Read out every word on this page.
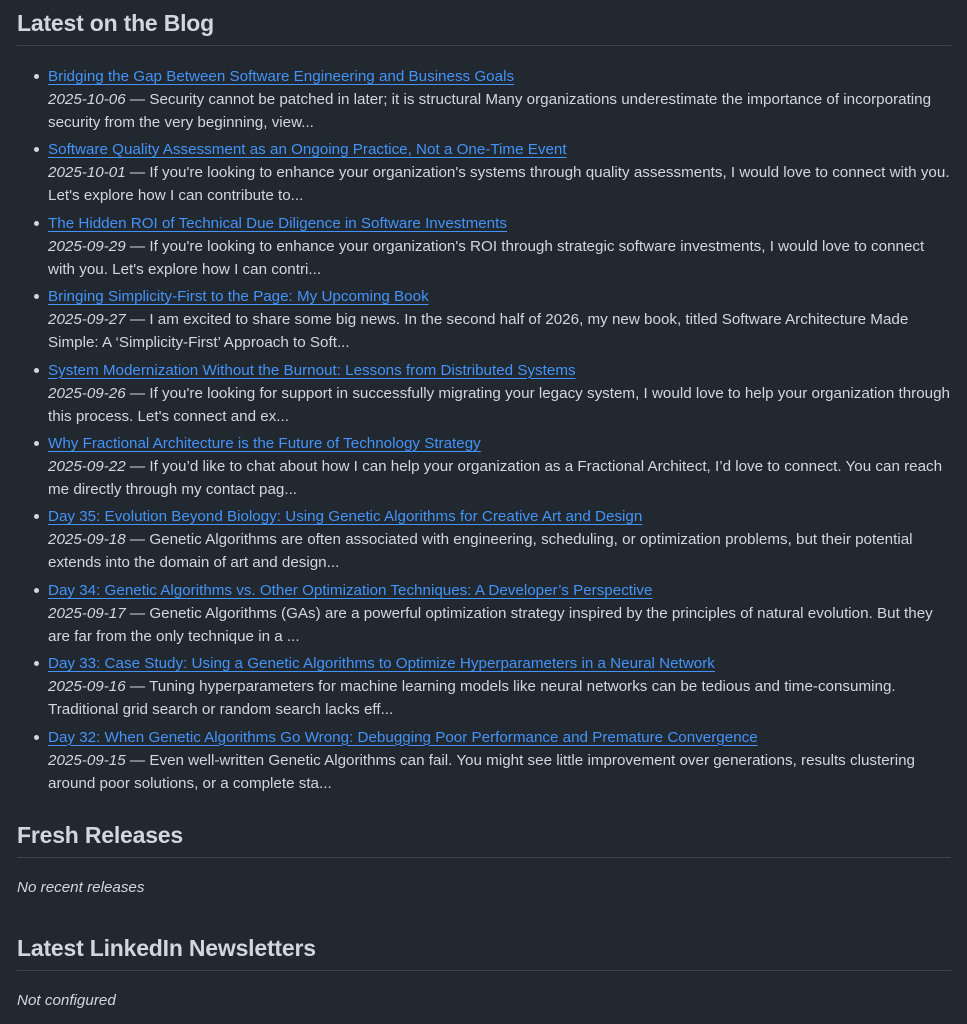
Latest on the Blog
Bridging the Gap Between Software Engineering and Business Goals
2025-10-06 — Security cannot be patched in later; it is structural Many organizations underestimate the importance of incorporating security from the very beginning, view...
Software Quality Assessment as an Ongoing Practice, Not a One-Time Event
2025-10-01 — If you're looking to enhance your organization's systems through quality assessments, I would love to connect with you. Let's explore how I can contribute to...
The Hidden ROI of Technical Due Diligence in Software Investments
2025-09-29 — If you're looking to enhance your organization's ROI through strategic software investments, I would love to connect with you. Let's explore how I can contri...
Bringing Simplicity-First to the Page: My Upcoming Book
2025-09-27 — I am excited to share some big news. In the second half of 2026, my new book, titled Software Architecture Made Simple: A ‘Simplicity-First’ Approach to Soft...
System Modernization Without the Burnout: Lessons from Distributed Systems
2025-09-26 — If you're looking for support in successfully migrating your legacy system, I would love to help your organization through this process. Let's connect and ex...
Why Fractional Architecture is the Future of Technology Strategy
2025-09-22 — If you’d like to chat about how I can help your organization as a Fractional Architect, I’d love to connect. You can reach me directly through my contact pag...
Day 35: Evolution Beyond Biology: Using Genetic Algorithms for Creative Art and Design
2025-09-18 — Genetic Algorithms are often associated with engineering, scheduling, or optimization problems, but their potential extends into the domain of art and design...
Day 34: Genetic Algorithms vs. Other Optimization Techniques: A Developer’s Perspective
2025-09-17 — Genetic Algorithms (GAs) are a powerful optimization strategy inspired by the principles of natural evolution. But they are far from the only technique in a ...
Day 33: Case Study: Using a Genetic Algorithms to Optimize Hyperparameters in a Neural Network
2025-09-16 — Tuning hyperparameters for machine learning models like neural networks can be tedious and time-consuming. Traditional grid search or random search lacks eff...
Day 32: When Genetic Algorithms Go Wrong: Debugging Poor Performance and Premature Convergence
2025-09-15 — Even well-written Genetic Algorithms can fail. You might see little improvement over generations, results clustering around poor solutions, or a complete sta...
Fresh Releases
No recent releases
Latest LinkedIn Newsletters
Not configured
